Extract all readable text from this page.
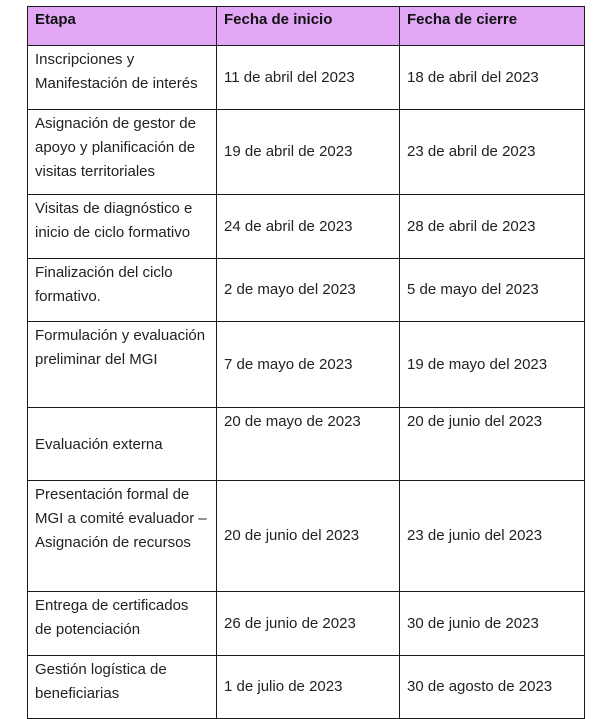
Etapa	Fecha de inicio	Fecha de cierre
Inscripciones y Manifestación de interés	11 de abril del 2023	18 de abril del 2023
Asignación de gestor de apoyo y planificación de visitas territoriales	19 de abril de 2023	23 de abril de 2023
Visitas de diagnóstico e inicio de ciclo formativo	24 de abril de 2023	28 de abril de 2023
Finalización del ciclo formativo.	2 de mayo del 2023	5 de mayo del 2023
Formulación y evaluación preliminar del MGI	7 de mayo de 2023	19 de mayo del 2023
Evaluación externa	20 de mayo de 2023	20 de junio del 2023
Presentación formal de MGI a comité evaluador – Asignación de recursos	20 de junio del 2023	23 de junio del 2023
Entrega de certificados de potenciación	26 de junio de 2023	30 de junio de 2023
Gestión logística de beneficiarias	1 de julio de 2023	30 de agosto de 2023
